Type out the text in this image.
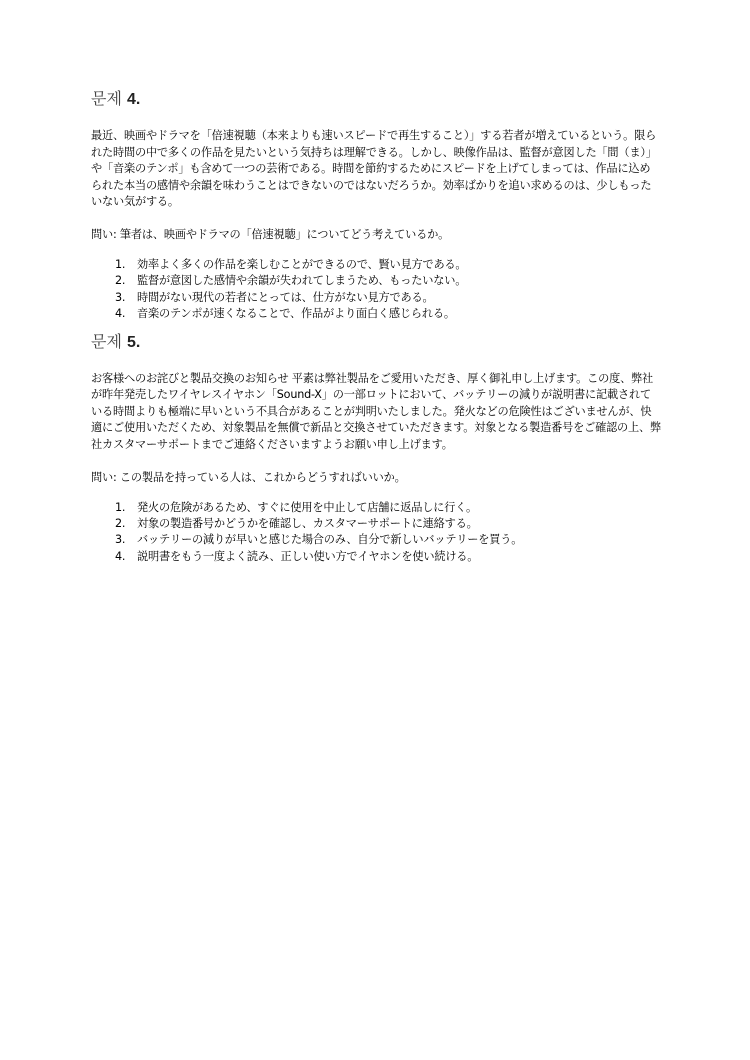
문제 4.

最近、映画やドラマを「倍速視聴（本来よりも速いスピードで再生すること）」する若者が増えているという。限られた時間の中で多くの作品を見たいという気持ちは理解できる。しかし、映像作品は、監督が意図した「間（ま）」や「音楽のテンポ」も含めて一つの芸術である。時間を節約するためにスピードを上げてしまっては、作品に込められた本当の感情や余韻を味わうことはできないのではないだろうか。効率ばかりを追い求めるのは、少しもったいない気がする。

問い: 筆者は、映画やドラマの「倍速視聴」についてどう考えているか。

1.	効率よく多くの作品を楽しむことができるので、賢い見方である。
2.	監督が意図した感情や余韻が失われてしまうため、もったいない。
3.	時間がない現代の若者にとっては、仕方がない見方である。
4.	音楽のテンポが速くなることで、作品がより面白く感じられる。
문제 5.

お客様へのお詫びと製品交換のお知らせ 平素は弊社製品をご愛用いただき、厚く御礼申し上げます。この度、弊社が昨年発売したワイヤレスイヤホン「Sound-X」の一部ロットにおいて、バッテリーの減りが説明書に記載されている時間よりも極端に早いという不具合があることが判明いたしました。発火などの危険性はございませんが、快適にご使用いただくため、対象製品を無償で新品と交換させていただきます。対象となる製造番号をご確認の上、弊社カスタマーサポートまでご連絡くださいますようお願い申し上げます。

問い: この製品を持っている人は、これからどうすればいいか。

1.	発火の危険があるため、すぐに使用を中止して店舗に返品しに行く。
2.	対象の製造番号かどうかを確認し、カスタマーサポートに連絡する。
3.	バッテリーの減りが早いと感じた場合のみ、自分で新しいバッテリーを買う。
4.	説明書をもう一度よく読み、正しい使い方でイヤホンを使い続ける。
